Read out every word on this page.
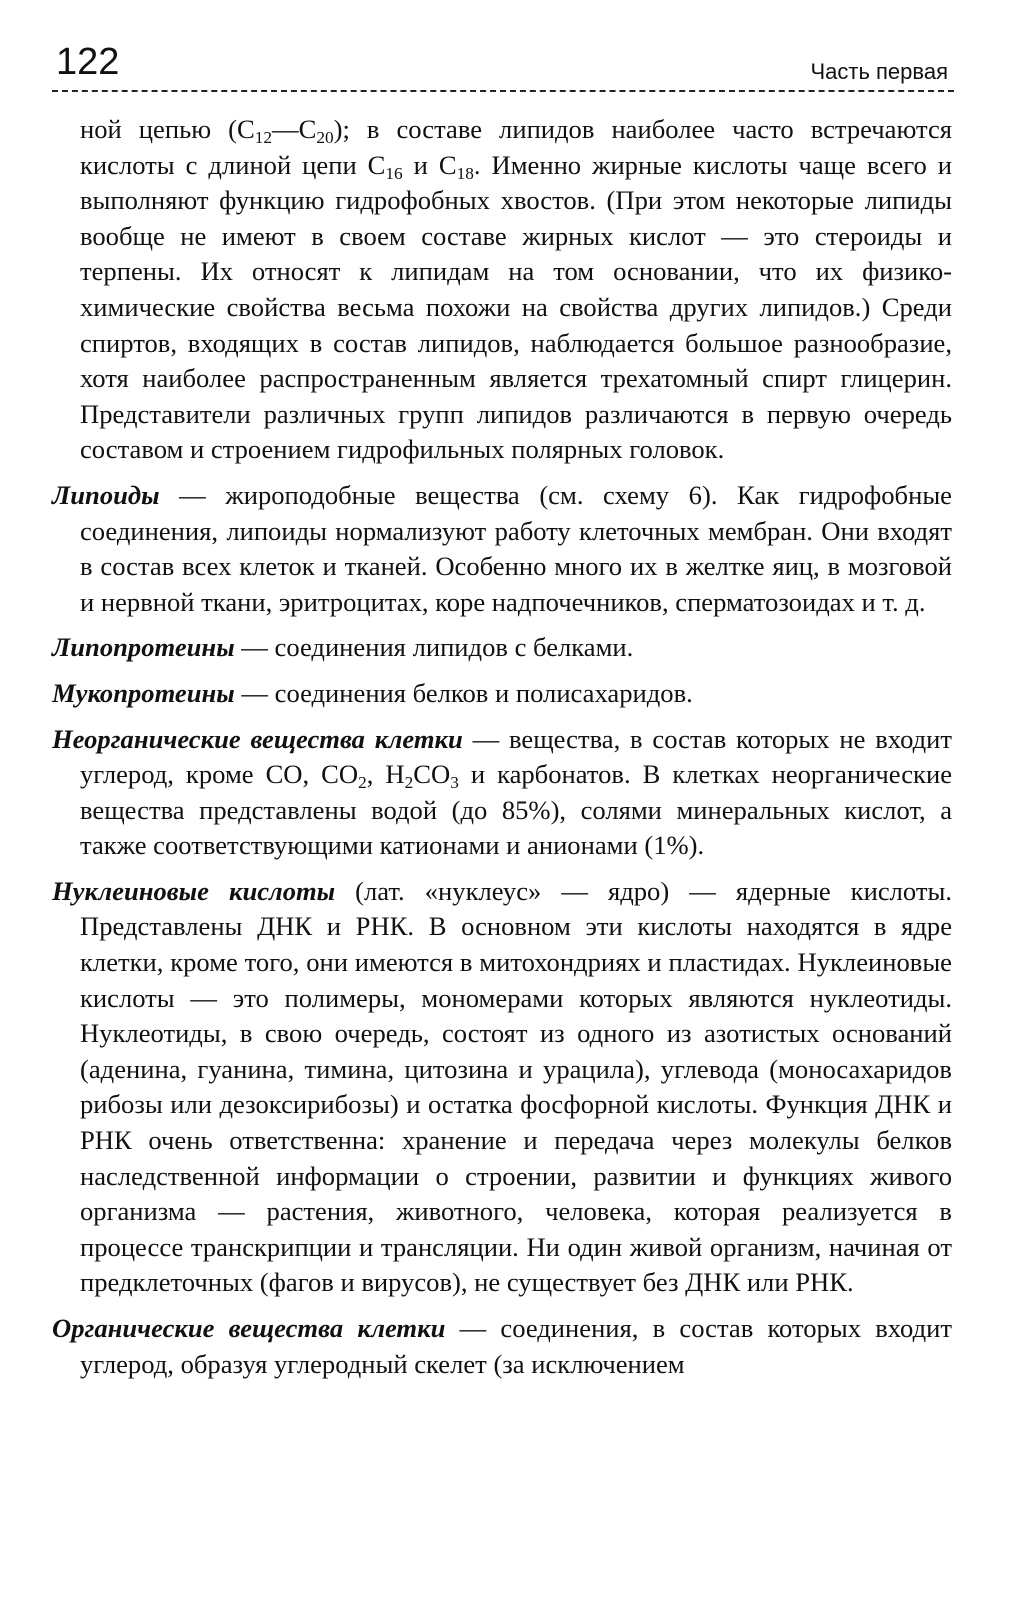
122	Часть первая

ной цепью $(C_{12}—C_{20})$; в составе липидов наиболее часто встречаются кислоты с длиной цепи $C_{16}$ и $C_{18}$. Именно жирные кислоты чаще всего и выполняют функцию гидрофобных хвостов. (При этом некоторые липиды вообще не имеют в своем составе жирных кислот — это стероиды и терпены. Их относят к липидам на том основании, что их физико-химические свойства весьма похожи на свойства других липидов.) Среди спиртов, входящих в состав липидов, наблюдается большое разнообразие, хотя наиболее распространенным является трехатомный спирт глицерин. Представители различных групп липидов различаются в первую очередь составом и строением гидрофильных полярных головок.

Липоиды — жироподобные вещества (см. схему 6). Как гидрофобные соединения, липоиды нормализуют работу клеточных мембран. Они входят в состав всех клеток и тканей. Особенно много их в желтке яиц, в мозговой и нервной ткани, эритроцитах, коре надпочечников, сперматозоидах и т. д.

Липопротеины — соединения липидов с белками.

Мукопротеины — соединения белков и полисахаридов.

Неорганические вещества клетки — вещества, в состав которых не входит углерод, кроме CO, $CO_2$, $H_2CO_3$ и карбонатов. В клетках неорганические вещества представлены водой (до 85%), солями минеральных кислот, а также соответствующими катионами и анионами (1%).

Нуклеиновые кислоты (лат. «нуклеус» — ядро) — ядерные кислоты. Представлены ДНК и РНК. В основном эти кислоты находятся в ядре клетки, кроме того, они имеются в митохондриях и пластидах. Нуклеиновые кислоты — это полимеры, мономерами которых являются нуклеотиды. Нуклеотиды, в свою очередь, состоят из одного из азотистых оснований (аденина, гуанина, тимина, цитозина и урацила), углевода (моносахаридов рибозы или дезоксирибозы) и остатка фосфорной кислоты. Функция ДНК и РНК очень ответственна: хранение и передача через молекулы белков наследственной информации о строении, развитии и функциях живого организма — растения, животного, человека, которая реализуется в процессе транскрипции и трансляции. Ни один живой организм, начиная от предклеточных (фагов и вирусов), не существует без ДНК или РНК.

Органические вещества клетки — соединения, в состав которых входит углерод, образуя углеродный скелет (за исключением
